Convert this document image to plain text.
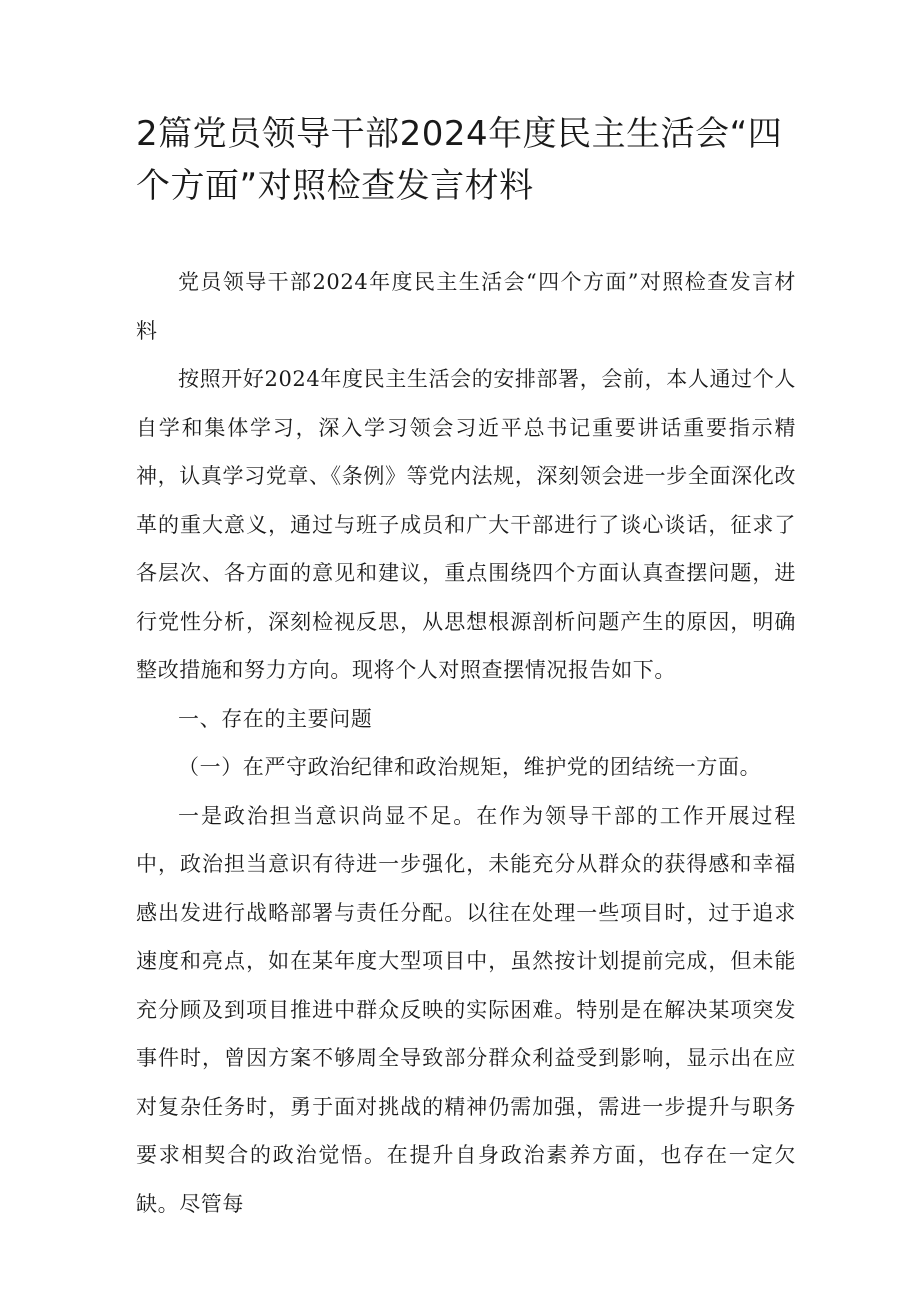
2篇党员领导干部2024年度民主生活会“四个方面”对照检查发言材料

党员领导干部2024年度民主生活会“四个方面”对照检查发言材料

按照开好2024年度民主生活会的安排部署，会前，本人通过个人自学和集体学习，深入学习领会习近平总书记重要讲话重要指示精神，认真学习党章、《条例》等党内法规，深刻领会进一步全面深化改革的重大意义，通过与班子成员和广大干部进行了谈心谈话，征求了各层次、各方面的意见和建议，重点围绕四个方面认真查摆问题，进行党性分析，深刻检视反思，从思想根源剖析问题产生的原因，明确整改措施和努力方向。现将个人对照查摆情况报告如下。

一、存在的主要问题

（一）在严守政治纪律和政治规矩，维护党的团结统一方面。

一是政治担当意识尚显不足。在作为领导干部的工作开展过程中，政治担当意识有待进一步强化，未能充分从群众的获得感和幸福感出发进行战略部署与责任分配。以往在处理一些项目时，过于追求速度和亮点，如在某年度大型项目中，虽然按计划提前完成，但未能充分顾及到项目推进中群众反映的实际困难。特别是在解决某项突发事件时，曾因方案不够周全导致部分群众利益受到影响，显示出在应对复杂任务时，勇于面对挑战的精神仍需加强，需进一步提升与职务要求相契合的政治觉悟。在提升自身政治素养方面，也存在一定欠缺。尽管每
